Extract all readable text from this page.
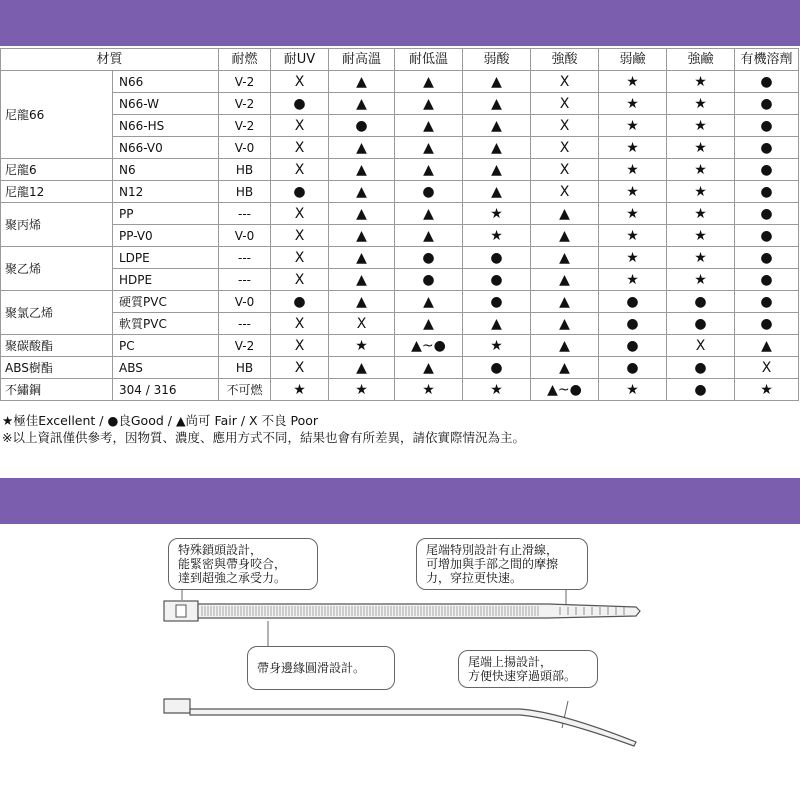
材質		耐燃	耐UV	耐高溫	耐低溫	弱酸	強酸	弱鹼	強鹼	有機溶劑
尼龍66	N66	V-2	X	▲	▲	▲	X	★	★	●
	N66-W	V-2	●	▲	▲	▲	X	★	★	●
	N66-HS	V-2	X	●	▲	▲	X	★	★	●
	N66-V0	V-0	X	▲	▲	▲	X	★	★	●
尼龍6	N6	HB	X	▲	▲	▲	X	★	★	●
尼龍12	N12	HB	●	▲	●	▲	X	★	★	●
聚丙烯	PP	---	X	▲	▲	★	▲	★	★	●
	PP-V0	V-0	X	▲	▲	★	▲	★	★	●
聚乙烯	LDPE	---	X	▲	●	●	▲	★	★	●
	HDPE	---	X	▲	●	●	▲	★	★	●
聚氯乙烯	硬質PVC	V-0	●	▲	▲	●	▲	●	●	●
	軟質PVC	---	X	X	▲	▲	▲	●	●	●
聚碳酸酯	PC	V-2	X	★	▲~●	★	▲	●	X	▲
ABS樹酯	ABS	HB	X	▲	▲	●	▲	●	●	X
不繡鋼	304 / 316	不可燃	★	★	★	★	▲~●	★	●	★
★極佳Excellent / ●良Good / ▲尚可 Fair / X 不良 Poor
※以上資訊僅供參考，因物質、濃度、應用方式不同，結果也會有所差異，請依實際情況為主。
特殊鎖頭設計，
能緊密與帶身咬合，
達到超強之承受力。
尾端特別設計有止滑線，
可增加與手部之間的摩擦
力，穿拉更快速。
帶身邊緣圓滑設計。	尾端上揚設計，
方便快速穿過頭部。
